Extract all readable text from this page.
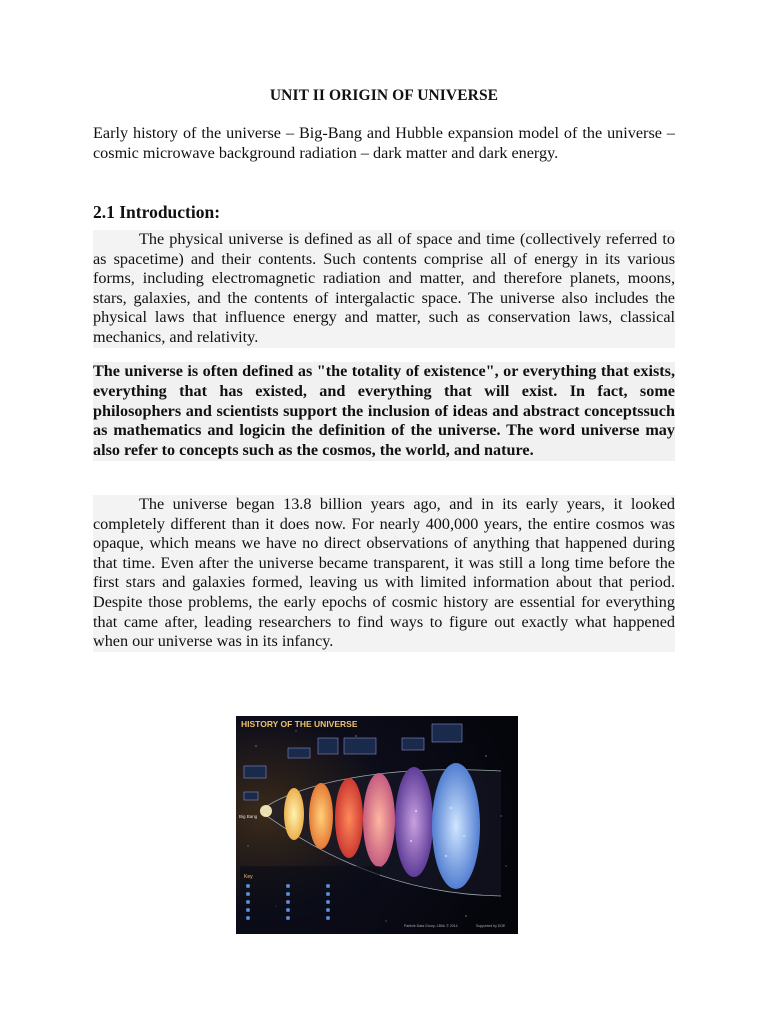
UNIT II ORIGIN OF UNIVERSE
Early history of the universe – Big-Bang and Hubble expansion model of the universe – cosmic microwave background radiation – dark matter and dark energy.
2.1 Introduction:

The physical universe is defined as all of space and time (collectively referred to as spacetime) and their contents. Such contents comprise all of energy in its various forms, including electromagnetic radiation and matter, and therefore planets, moons, stars, galaxies, and the contents of intergalactic space. The universe also includes the physical laws that influence energy and matter, such as conservation laws, classical mechanics, and relativity.

The universe is often defined as "the totality of existence", or everything that exists, everything that has existed, and everything that will exist. In fact, some philosophers and scientists support the inclusion of ideas and abstract conceptssuch as mathematics and logicin the definition of the universe. The word universe may also refer to concepts such as the cosmos, the world, and nature.

The universe began 13.8 billion years ago, and in its early years, it looked completely different than it does now. For nearly 400,000 years, the entire cosmos was opaque, which means we have no direct observations of anything that happened during that time. Even after the universe became transparent, it was still a long time before the first stars and galaxies formed, leaving us with limited information about that period. Despite those problems, the early epochs of cosmic history are essential for everything that came after, leading researchers to find ways to figure out exactly what happened when our universe was in its infancy.

HISTORY OF THE UNIVERSE
Big Bang
Key
Particle Data Group, LBNL © 2014	Supported by DOE
